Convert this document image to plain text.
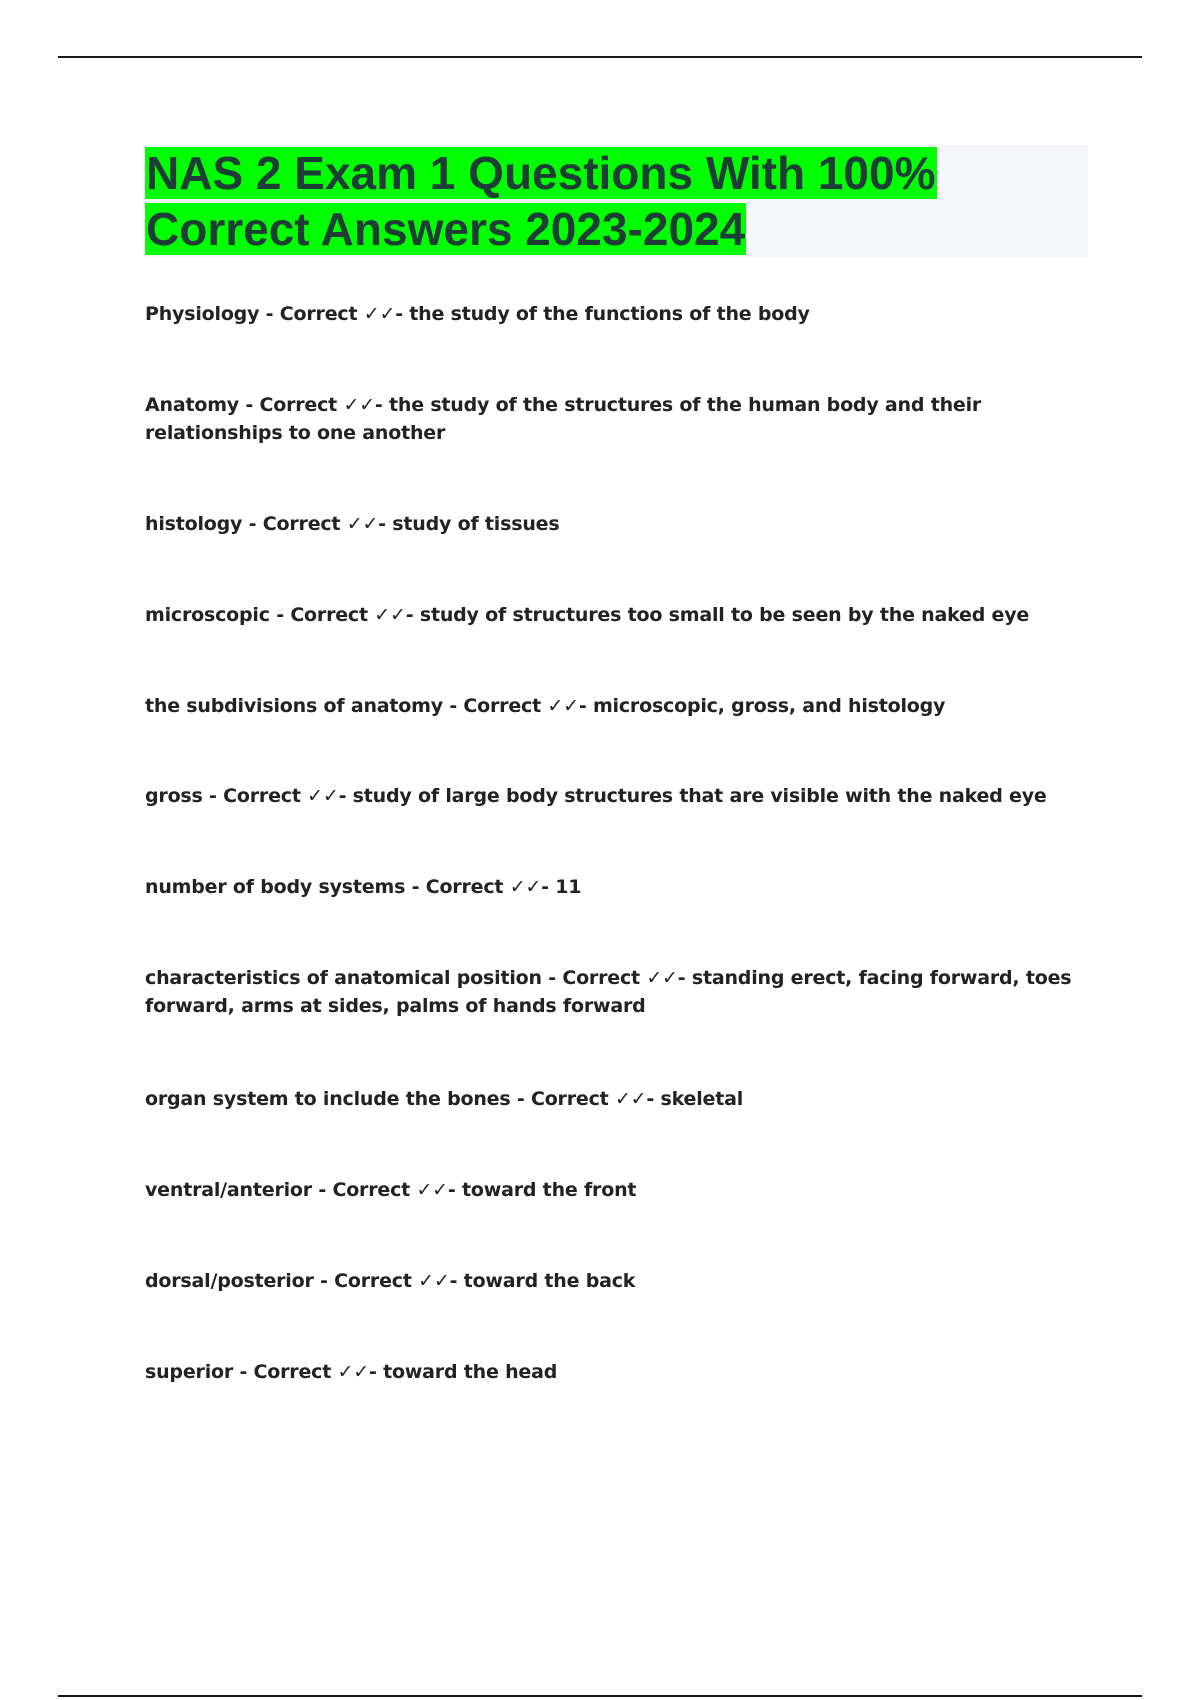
NAS 2 Exam 1 Questions With 100%
Correct Answers 2023-2024
Physiology - Correct ✓✓- the study of the functions of the body
Anatomy - Correct ✓✓- the study of the structures of the human body and their relationships to one another
histology - Correct ✓✓- study of tissues
microscopic - Correct ✓✓- study of structures too small to be seen by the naked eye
the subdivisions of anatomy - Correct ✓✓- microscopic, gross, and histology
gross - Correct ✓✓- study of large body structures that are visible with the naked eye
number of body systems - Correct ✓✓- 11
characteristics of anatomical position - Correct ✓✓- standing erect, facing forward, toes forward, arms at sides, palms of hands forward
organ system to include the bones - Correct ✓✓- skeletal
ventral/anterior - Correct ✓✓- toward the front
dorsal/posterior - Correct ✓✓- toward the back
superior - Correct ✓✓- toward the head
